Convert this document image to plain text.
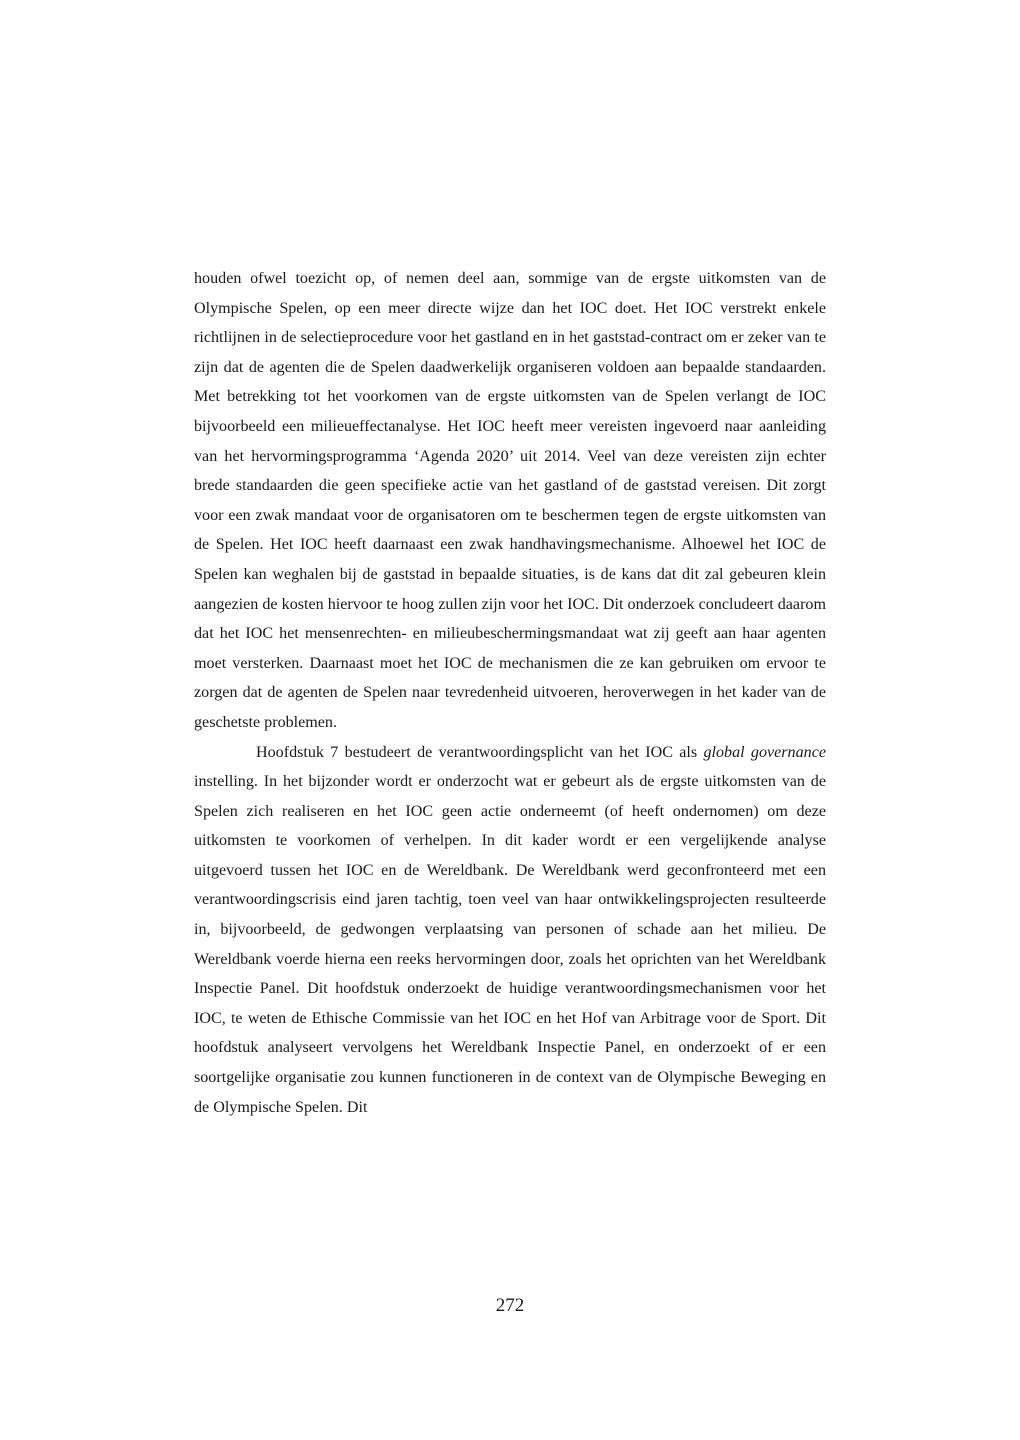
houden ofwel toezicht op, of nemen deel aan, sommige van de ergste uitkomsten van de Olympische Spelen, op een meer directe wijze dan het IOC doet. Het IOC verstrekt enkele richtlijnen in de selectieprocedure voor het gastland en in het gaststad-contract om er zeker van te zijn dat de agenten die de Spelen daadwerkelijk organiseren voldoen aan bepaalde standaarden. Met betrekking tot het voorkomen van de ergste uitkomsten van de Spelen verlangt de IOC bijvoorbeeld een milieueffectanalyse. Het IOC heeft meer vereisten ingevoerd naar aanleiding van het hervormingsprogramma ‘Agenda 2020’ uit 2014. Veel van deze vereisten zijn echter brede standaarden die geen specifieke actie van het gastland of de gaststad vereisen. Dit zorgt voor een zwak mandaat voor de organisatoren om te beschermen tegen de ergste uitkomsten van de Spelen. Het IOC heeft daarnaast een zwak handhavingsmechanisme. Alhoewel het IOC de Spelen kan weghalen bij de gaststad in bepaalde situaties, is de kans dat dit zal gebeuren klein aangezien de kosten hiervoor te hoog zullen zijn voor het IOC. Dit onderzoek concludeert daarom dat het IOC het mensenrechten- en milieubeschermingsmandaat wat zij geeft aan haar agenten moet versterken. Daarnaast moet het IOC de mechanismen die ze kan gebruiken om ervoor te zorgen dat de agenten de Spelen naar tevredenheid uitvoeren, heroverwegen in het kader van de geschetste problemen.

Hoofdstuk 7 bestudeert de verantwoordingsplicht van het IOC als global governance instelling. In het bijzonder wordt er onderzocht wat er gebeurt als de ergste uitkomsten van de Spelen zich realiseren en het IOC geen actie onderneemt (of heeft ondernomen) om deze uitkomsten te voorkomen of verhelpen. In dit kader wordt er een vergelijkende analyse uitgevoerd tussen het IOC en de Wereldbank. De Wereldbank werd geconfronteerd met een verantwoordingscrisis eind jaren tachtig, toen veel van haar ontwikkelingsprojecten resulteerde in, bijvoorbeeld, de gedwongen verplaatsing van personen of schade aan het milieu. De Wereldbank voerde hierna een reeks hervormingen door, zoals het oprichten van het Wereldbank Inspectie Panel. Dit hoofdstuk onderzoekt de huidige verantwoordingsmechanismen voor het IOC, te weten de Ethische Commissie van het IOC en het Hof van Arbitrage voor de Sport. Dit hoofdstuk analyseert vervolgens het Wereldbank Inspectie Panel, en onderzoekt of er een soortgelijke organisatie zou kunnen functioneren in de context van de Olympische Beweging en de Olympische Spelen. Dit

272
